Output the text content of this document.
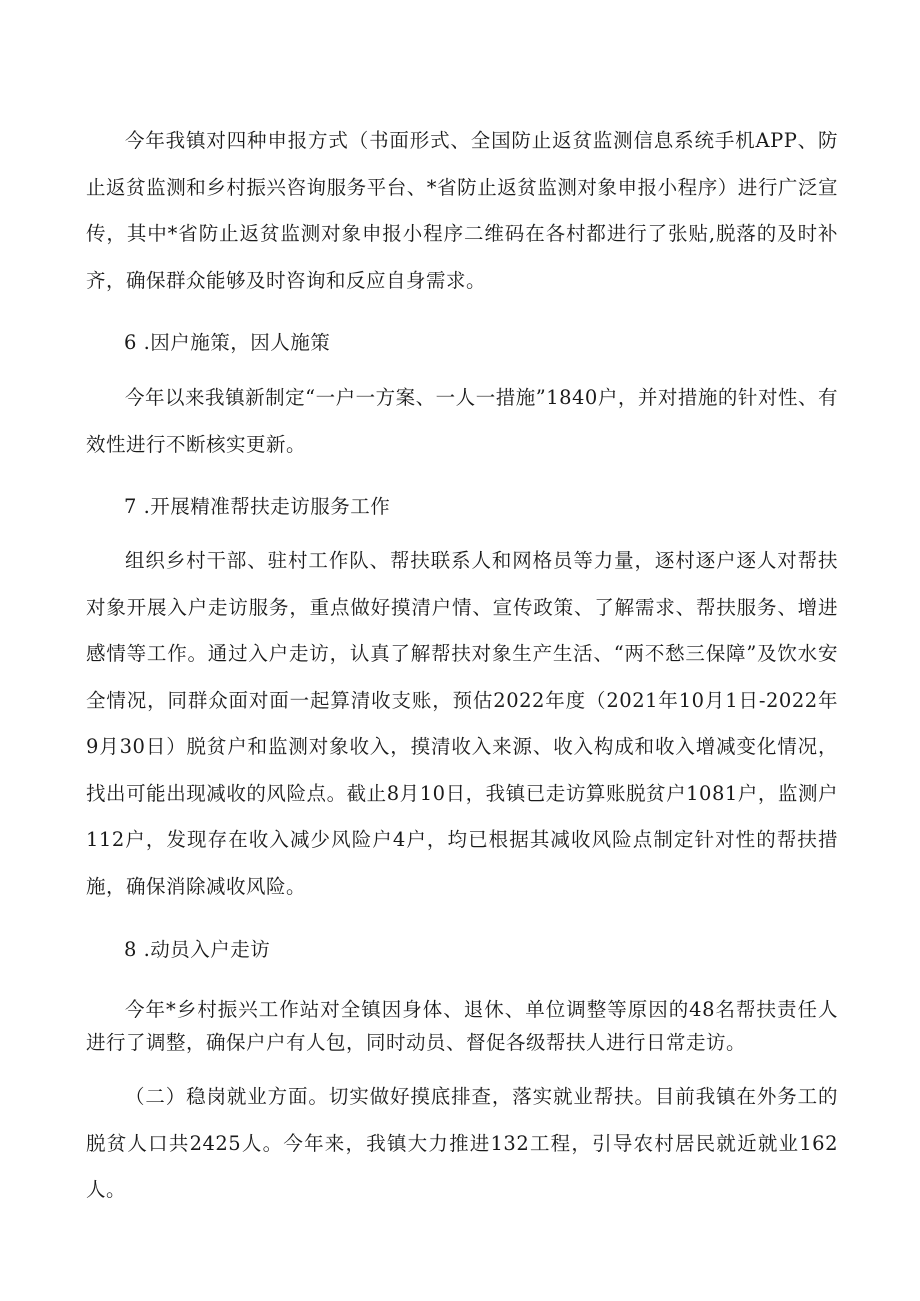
今年我镇对四种申报方式（书面形式、全国防止返贫监测信息系统手机APP、防止返贫监测和乡村振兴咨询服务平台、*省防止返贫监测对象申报小程序）进行广泛宣传，其中*省防止返贫监测对象申报小程序二维码在各村都进行了张贴,脱落的及时补齐，确保群众能够及时咨询和反应自身需求。

6 .因户施策，因人施策

今年以来我镇新制定“一户一方案、一人一措施”1840户，并对措施的针对性、有效性进行不断核实更新。

7 .开展精准帮扶走访服务工作

组织乡村干部、驻村工作队、帮扶联系人和网格员等力量，逐村逐户逐人对帮扶对象开展入户走访服务，重点做好摸清户情、宣传政策、了解需求、帮扶服务、增进感情等工作。通过入户走访，认真了解帮扶对象生产生活、“两不愁三保障”及饮水安全情况，同群众面对面一起算清收支账，预估2022年度（2021年10月1日-2022年9月30日）脱贫户和监测对象收入，摸清收入来源、收入构成和收入增减变化情况，找出可能出现减收的风险点。截止8月10日，我镇已走访算账脱贫户1081户，监测户112户，发现存在收入减少风险户4户，均已根据其减收风险点制定针对性的帮扶措施，确保消除减收风险。

8 .动员入户走访

今年*乡村振兴工作站对全镇因身体、退休、单位调整等原因的48名帮扶责任人进行了调整，确保户户有人包，同时动员、督促各级帮扶人进行日常走访。

（二）稳岗就业方面。切实做好摸底排查，落实就业帮扶。目前我镇在外务工的脱贫人口共2425人。今年来，我镇大力推进132工程，引导农村居民就近就业162人。
